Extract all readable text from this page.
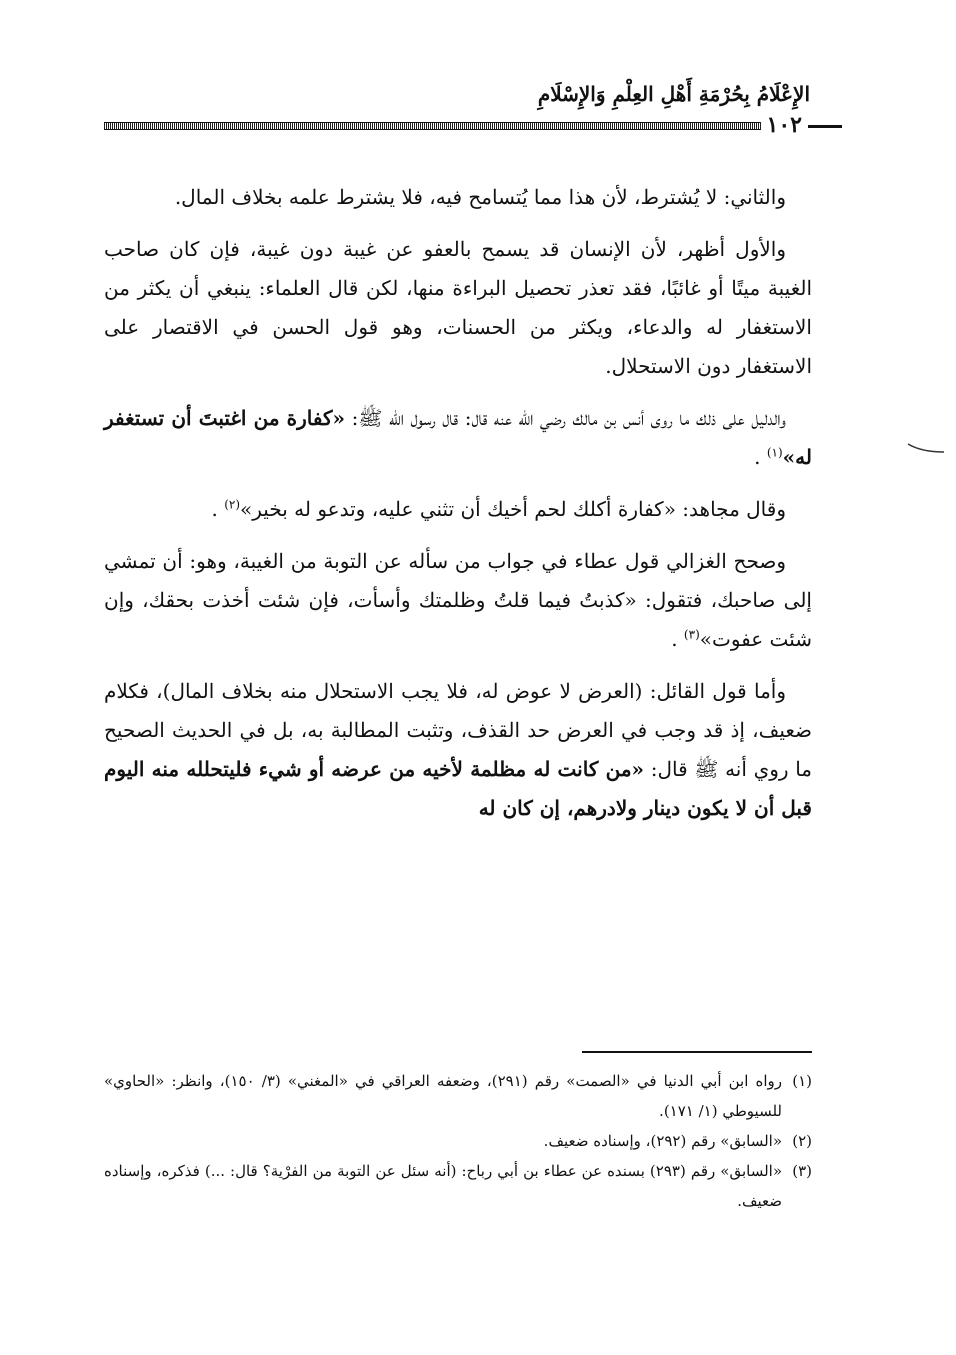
الإِعْلَامُ بِحُرْمَةِ أَهْلِ العِلْمِ وَالإِسْلَامِ
١٠٢

والثاني: لا يُشترط، لأن هذا مما يُتسامح فيه، فلا يشترط علمه بخلاف المال.

والأول أظهر، لأن الإنسان قد يسمح بالعفو عن غيبة دون غيبة، فإن كان صاحب الغيبة ميتًا أو غائبًا، فقد تعذر تحصيل البراءة منها، لكن قال العلماء: ينبغي أن يكثر من الاستغفار له والدعاء، ويكثر من الحسنات، وهو قول الحسن في الاقتصار على الاستغفار دون الاستحلال.

والدليل على ذلك ما روى أنس بن مالك رضي الله عنه قال: قال رسول الله ﷺ: «كفارة من اغتبتَ أن تستغفر له»$^{(١)}$ .

وقال مجاهد: «كفارة أكلك لحم أخيك أن تثني عليه، وتدعو له بخير»$^{(٢)}$ .

وصحح الغزالي قول عطاء في جواب من سأله عن التوبة من الغيبة، وهو: أن تمشي إلى صاحبك، فتقول: «كذبتُ فيما قلتُ وظلمتك وأسأت، فإن شئت أخذت بحقك، وإن شئت عفوت»$^{(٣)}$ .

وأما قول القائل: (العرض لا عوض له، فلا يجب الاستحلال منه بخلاف المال)، فكلام ضعيف، إذ قد وجب في العرض حد القذف، وتثبت المطالبة به، بل في الحديث الصحيح ما روي أنه ﷺ قال: «من كانت له مظلمة لأخيه من عرضه أو شيء فليتحلله منه اليوم قبل أن لا يكون دينار ولادرهم، إن كان له

(١)رواه ابن أبي الدنيا في «الصمت» رقم (٢٩١)، وضعفه العراقي في «المغني» (٣/ ١٥٠)، وانظر: «الحاوي» للسيوطي (١/ ١٧١).

(٢)«السابق» رقم (٢٩٢)، وإسناده ضعيف.

(٣)«السابق» رقم (٢٩٣) بسنده عن عطاء بن أبي رباح: (أنه سئل عن التوبة من الفرْية؟ قال: ...) فذكره، وإسناده ضعيف.
